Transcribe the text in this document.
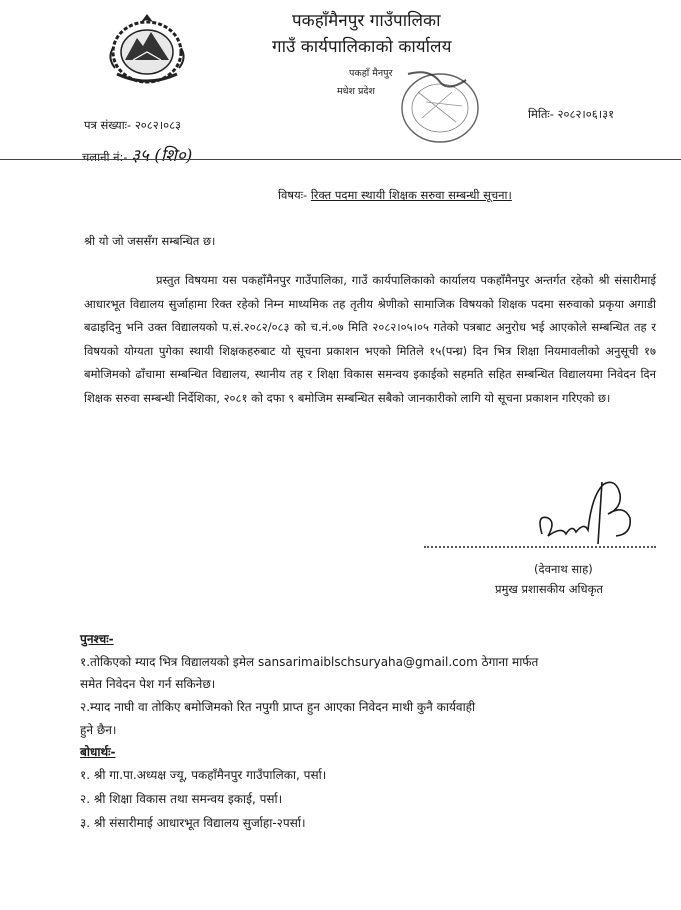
पकहाँमैनपुर गाउँपालिका
गाउँ कार्यपालिकाको कार्यालय
पकहाँ मैनपुर
मधेश प्रदेश
पत्र संख्याः- २०८२।०८३
चलानी नं:- ३५ (शि०)
मितिः- २०८२।०६।३१
विषयः- रिक्त पदमा स्थायी शिक्षक सरुवा सम्बन्धी सूचना।
श्री यो जो जससँग सम्बन्धित छ।
प्रस्तुत विषयमा यस पकहाँमैनपुर गाउँपालिका, गाउँ कार्यपालिकाको कार्यालय पकहाँमैनपुर अन्तर्गत रहेको श्री संसारीमाई आधारभूत विद्यालय सुर्जाहामा रिक्त रहेको निम्न माध्यमिक तह तृतीय श्रेणीको सामाजिक विषयको शिक्षक पदमा सरुवाको प्रकृया अगाडी बढाइदिनु भनि उक्त विद्यालयको प.सं.२०८२/०८३ को च.नं.०७ मिति २०८२।०५।०५ गतेको पत्रबाट अनुरोध भई आएकोले सम्बन्धित तह र विषयको योग्यता पुगेका स्थायी शिक्षकहरुबाट यो सूचना प्रकाशन भएको मितिले १५(पन्ध्र) दिन भित्र शिक्षा नियमावलीको अनुसूची १७ बमोजिमको ढाँचामा सम्बन्धित विद्यालय, स्थानीय तह र शिक्षा विकास समन्वय इकाईको सहमति सहित सम्बन्धित विद्यालयमा निवेदन दिन शिक्षक सरुवा सम्बन्धी निर्देशिका, २०८१ को दफा ९ बमोजिम सम्बन्धित सबैको जानकारीको लागि यो सूचना प्रकाशन गरिएको छ।
(देवनाथ साह)
प्रमुख प्रशासकीय अधिकृत
पुनश्चः-
१.तोकिएको म्याद भित्र विद्यालयको इमेल sansarimaiblschsuryaha@gmail.com ठेगाना मार्फत
समेत निवेदन पेश गर्न सकिनेछ।
२.म्याद नाघी वा तोकिए बमोजिमको रित नपुगी प्राप्त हुन आएका निवेदन माथी कुनै कार्यवाही
हुने छैन।
बोधार्थः-
१. श्री गा.पा.अध्यक्ष ज्यू, पकहाँमैनपुर गाउँपालिका, पर्सा।
२. श्री शिक्षा विकास तथा समन्वय इकाई, पर्सा।
३. श्री संसारीमाई आधारभूत विद्यालय सुर्जाहा-२पर्सा।
